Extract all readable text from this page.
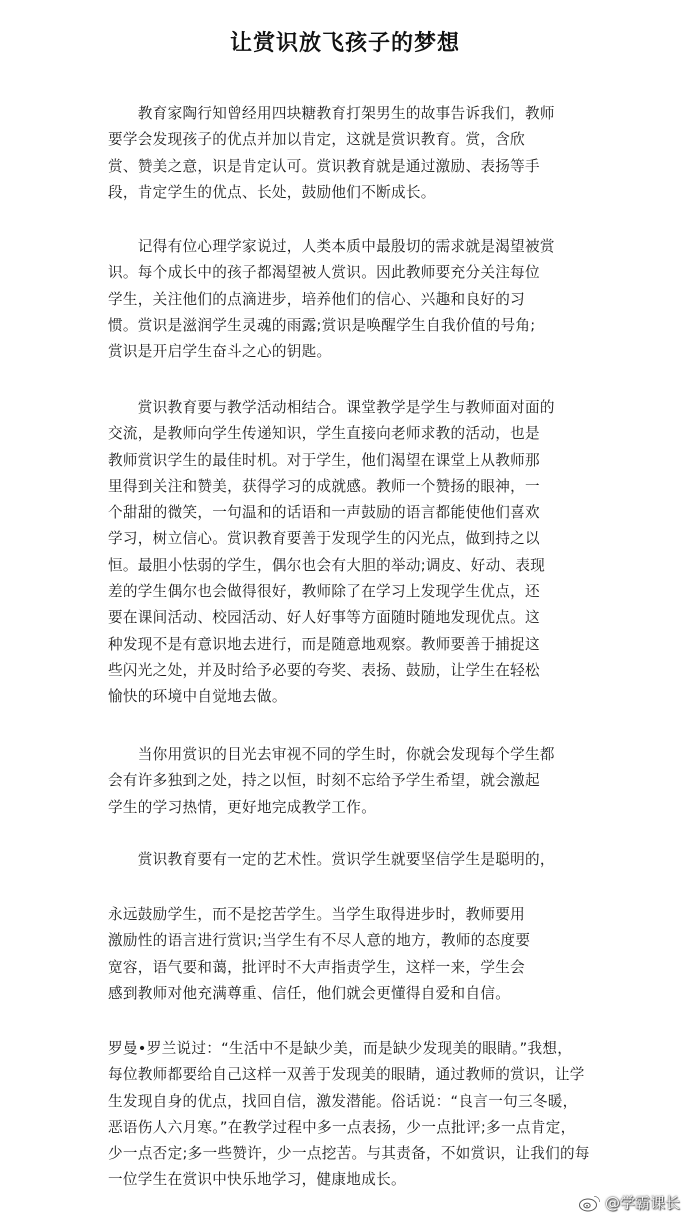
让赏识放飞孩子的梦想
　　教育家陶行知曾经用四块糖教育打架男生的故事告诉我们，教师
要学会发现孩子的优点并加以肯定，这就是赏识教育。赏，含欣
赏、赞美之意，识是肯定认可。赏识教育就是通过激励、表扬等手
段，肯定学生的优点、长处，鼓励他们不断成长。
　　记得有位心理学家说过，人类本质中最殷切的需求就是渴望被赏
识。每个成长中的孩子都渴望被人赏识。因此教师要充分关注每位
学生，关注他们的点滴进步，培养他们的信心、兴趣和良好的习
惯。赏识是滋润学生灵魂的雨露;赏识是唤醒学生自我价值的号角;
赏识是开启学生奋斗之心的钥匙。
　　赏识教育要与教学活动相结合。课堂教学是学生与教师面对面的
交流，是教师向学生传递知识，学生直接向老师求教的活动，也是
教师赏识学生的最佳时机。对于学生，他们渴望在课堂上从教师那
里得到关注和赞美，获得学习的成就感。教师一个赞扬的眼神，一
个甜甜的微笑，一句温和的话语和一声鼓励的语言都能使他们喜欢
学习，树立信心。赏识教育要善于发现学生的闪光点，做到持之以
恒。最胆小怯弱的学生，偶尔也会有大胆的举动;调皮、好动、表现
差的学生偶尔也会做得很好，教师除了在学习上发现学生优点，还
要在课间活动、校园活动、好人好事等方面随时随地发现优点。这
种发现不是有意识地去进行，而是随意地观察。教师要善于捕捉这
些闪光之处，并及时给予必要的夸奖、表扬、鼓励，让学生在轻松
愉快的环境中自觉地去做。
　　当你用赏识的目光去审视不同的学生时，你就会发现每个学生都
会有许多独到之处，持之以恒，时刻不忘给予学生希望，就会激起
学生的学习热情，更好地完成教学工作。
　　赏识教育要有一定的艺术性。赏识学生就要坚信学生是聪明的，
永远鼓励学生，而不是挖苦学生。当学生取得进步时，教师要用
激励性的语言进行赏识;当学生有不尽人意的地方，教师的态度要
宽容，语气要和蔼，批评时不大声指责学生，这样一来，学生会
感到教师对他充满尊重、信任，他们就会更懂得自爱和自信。
罗曼•罗兰说过：“生活中不是缺少美，而是缺少发现美的眼睛。”我想，
每位教师都要给自己这样一双善于发现美的眼睛，通过教师的赏识，让学
生发现自身的优点，找回自信，激发潜能。俗话说：“良言一句三冬暖，
恶语伤人六月寒。”在教学过程中多一点表扬，少一点批评;多一点肯定，
少一点否定;多一些赞许，少一点挖苦。与其责备，不如赏识，让我们的每
一位学生在赏识中快乐地学习，健康地成长。
@学霸课长
